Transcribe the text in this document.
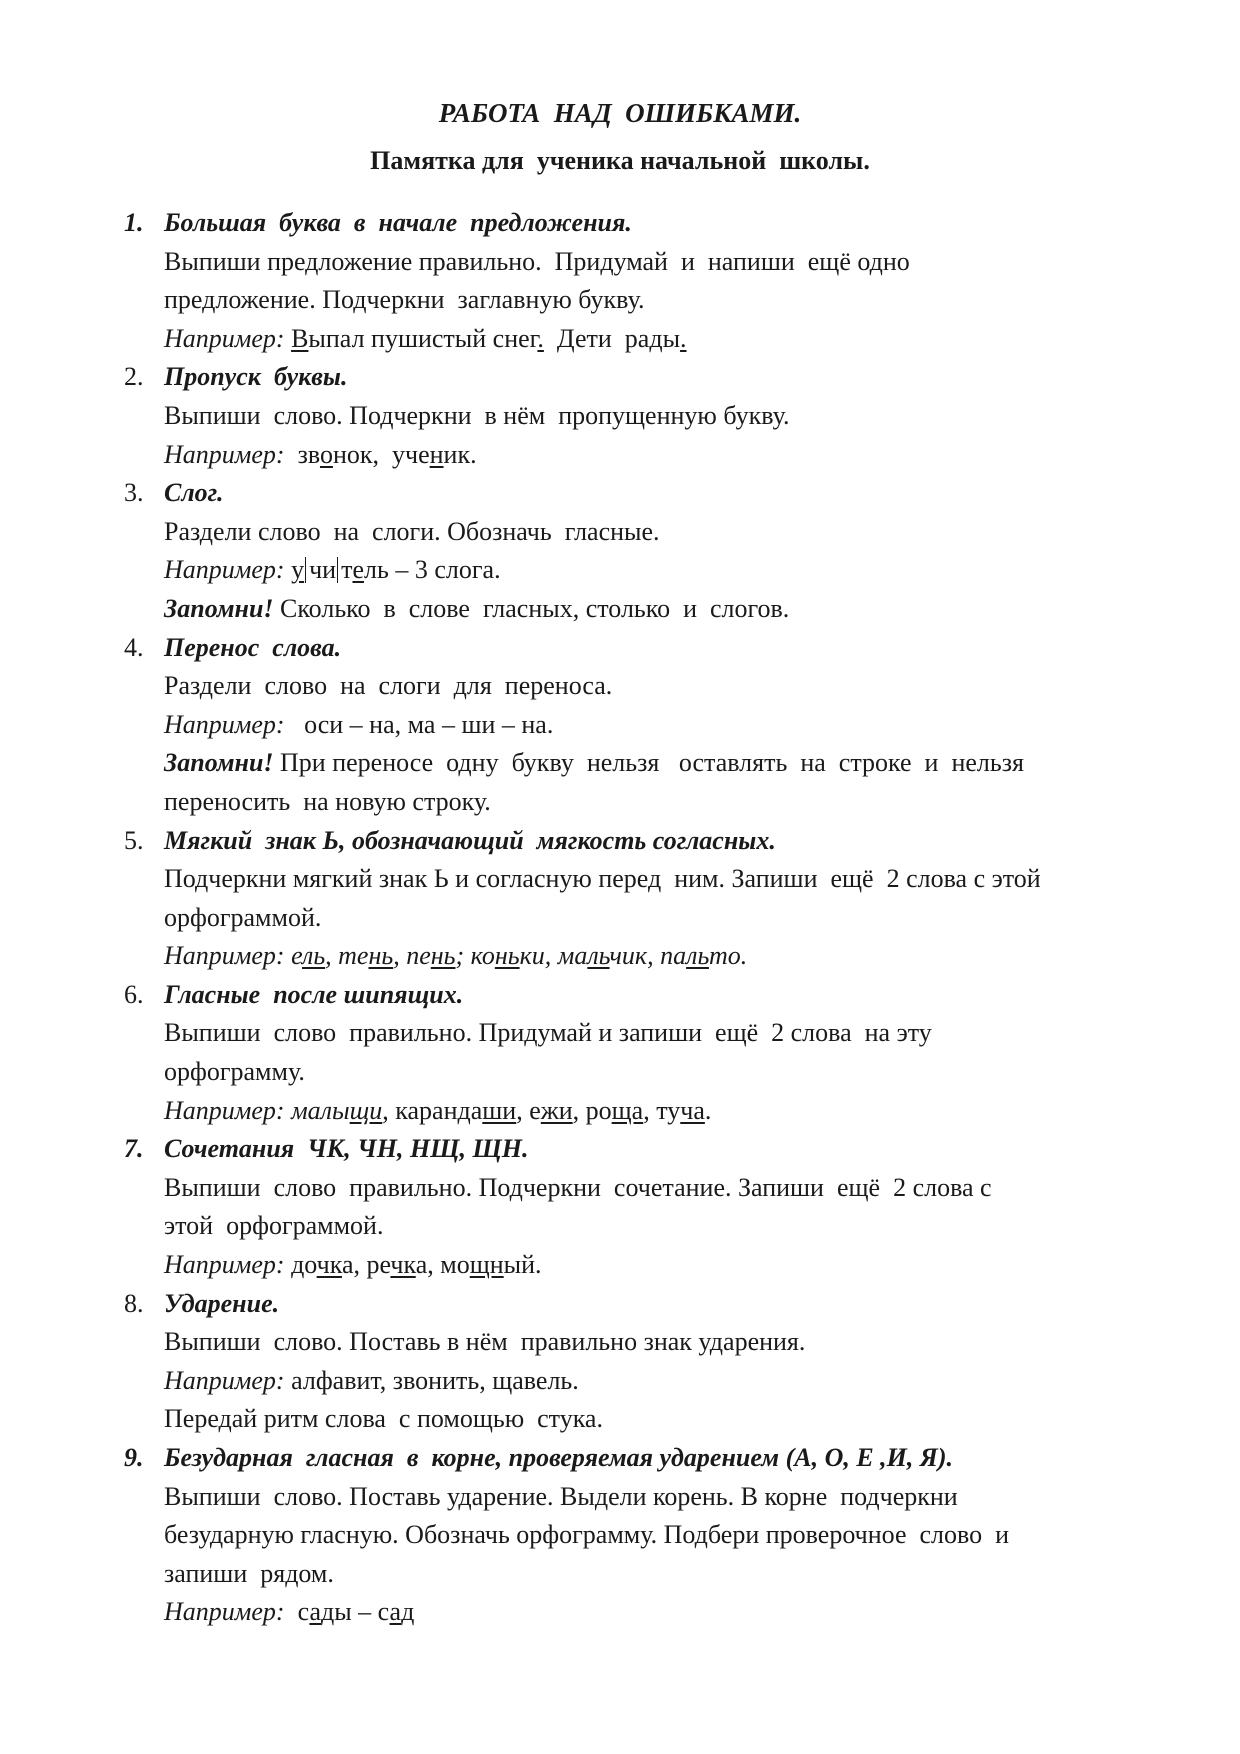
РАБОТА  НАД  ОШИБКАМИ.
Памятка для  ученика начальной  школы.

1.

Большая  буква  в  начале  предложения.

Выпиши предложение правильно.  Придумай  и  напиши  ещё одно

предложение. Подчеркни  заглавную букву.

Например: Выпал пушистый снег. Дети  рады.

2.

Пропуск  буквы.

Выпиши  слово. Подчеркни  в нём  пропущенную букву.

Например: звонок,  ученик.

3.

Слог.

Раздели слово  на  слоги. Обозначь  гласные.

Например: у чи тель – 3 слога.

Запомни! Сколько  в  слове  гласных, столько  и  слогов.

4.

Перенос  слова.

Раздели  слово  на  слоги  для  переноса.

Например:   оси – на, ма – ши – на.

Запомни! При переносе  одну  букву  нельзя   оставлять  на  строке  и  нельзя

переносить  на новую строку.

5.

Мягкий  знак Ь, обозначающий  мягкость согласных.

Подчеркни мягкий знак Ь и согласную перед  ним. Запиши  ещё  2 слова с этой

орфограммой.

Например: ель, тень, пень; коньки, мальчик, пальто.

6.

Гласные  после шипящих.

Выпиши  слово  правильно. Придумай и запиши  ещё  2 слова  на эту

орфограмму.

Например: малыщи, карандаши, ежи, роща, туча.

7.

Сочетания  ЧК, ЧН, НЩ, ЩН.

Выпиши  слово  правильно. Подчеркни  сочетание. Запиши  ещё  2 слова с

этой  орфограммой.

Например: дочка, речка, мощный.

8.

Ударение.

Выпиши  слово. Поставь в нём  правильно знак ударения.

Например: алфавит, звонить, щавель.

Передай ритм слова  с помощью  стука.

9.

Безударная  гласная  в  корне, проверяемая ударением (А, О, Е ,И, Я).

Выпиши  слово. Поставь ударение. Выдели корень. В корне  подчеркни

безударную гласную. Обозначь орфограмму. Подбери проверочное  слово  и

запиши  рядом.

Например: сады – сад
